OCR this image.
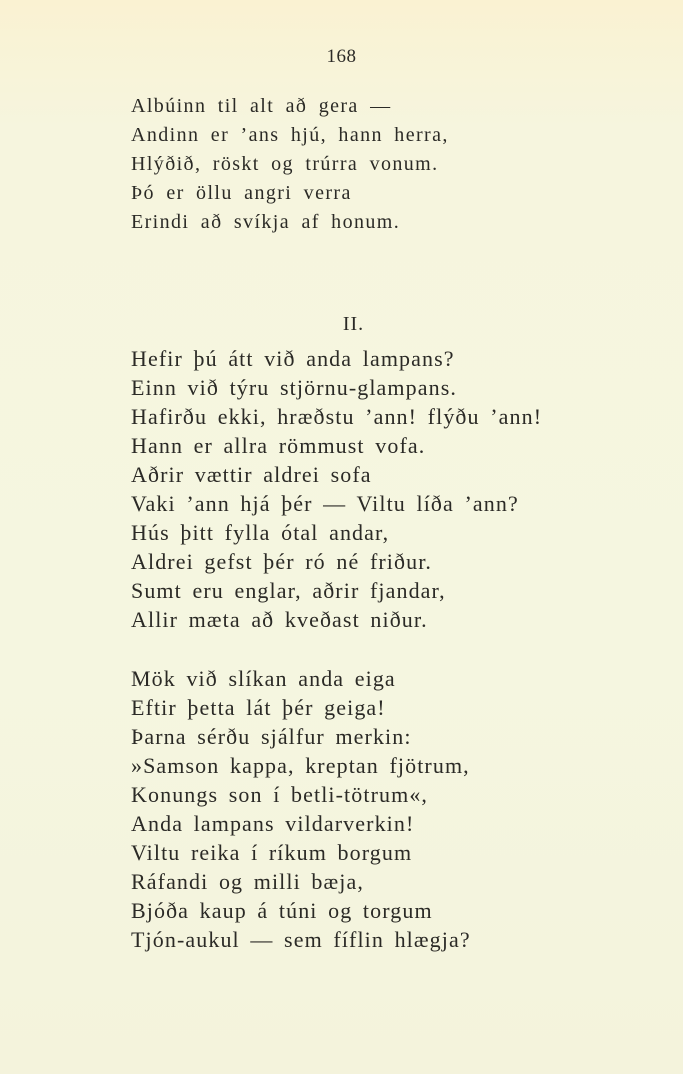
168
Albúinn til alt að gera —
Andinn er ’ans hjú, hann herra,
Hlýðið, röskt og trúrra vonum.
Þó er öllu angri verra
Erindi að svíkja af honum.
II.
Hefir þú átt við anda lampans?
Einn við týru stjörnu-glampans.
Hafirðu ekki, hræðstu ’ann! flýðu ’ann!
Hann er allra römmust vofa.
Aðrir vættir aldrei sofa
Vaki ’ann hjá þér — Viltu líða ’ann?
Hús þitt fylla ótal andar,
Aldrei gefst þér ró né friður.
Sumt eru englar, aðrir fjandar,
Allir mæta að kveðast niður.
Mök við slíkan anda eiga
Eftir þetta lát þér geiga!
Þarna sérðu sjálfur merkin:
»Samson kappa, kreptan fjötrum,
Konungs son í betli-tötrum«,
Anda lampans vildarverkin!
Viltu reika í ríkum borgum
Ráfandi og milli bæja,
Bjóða kaup á túni og torgum
Tjón-aukul — sem fíflin hlægja?
